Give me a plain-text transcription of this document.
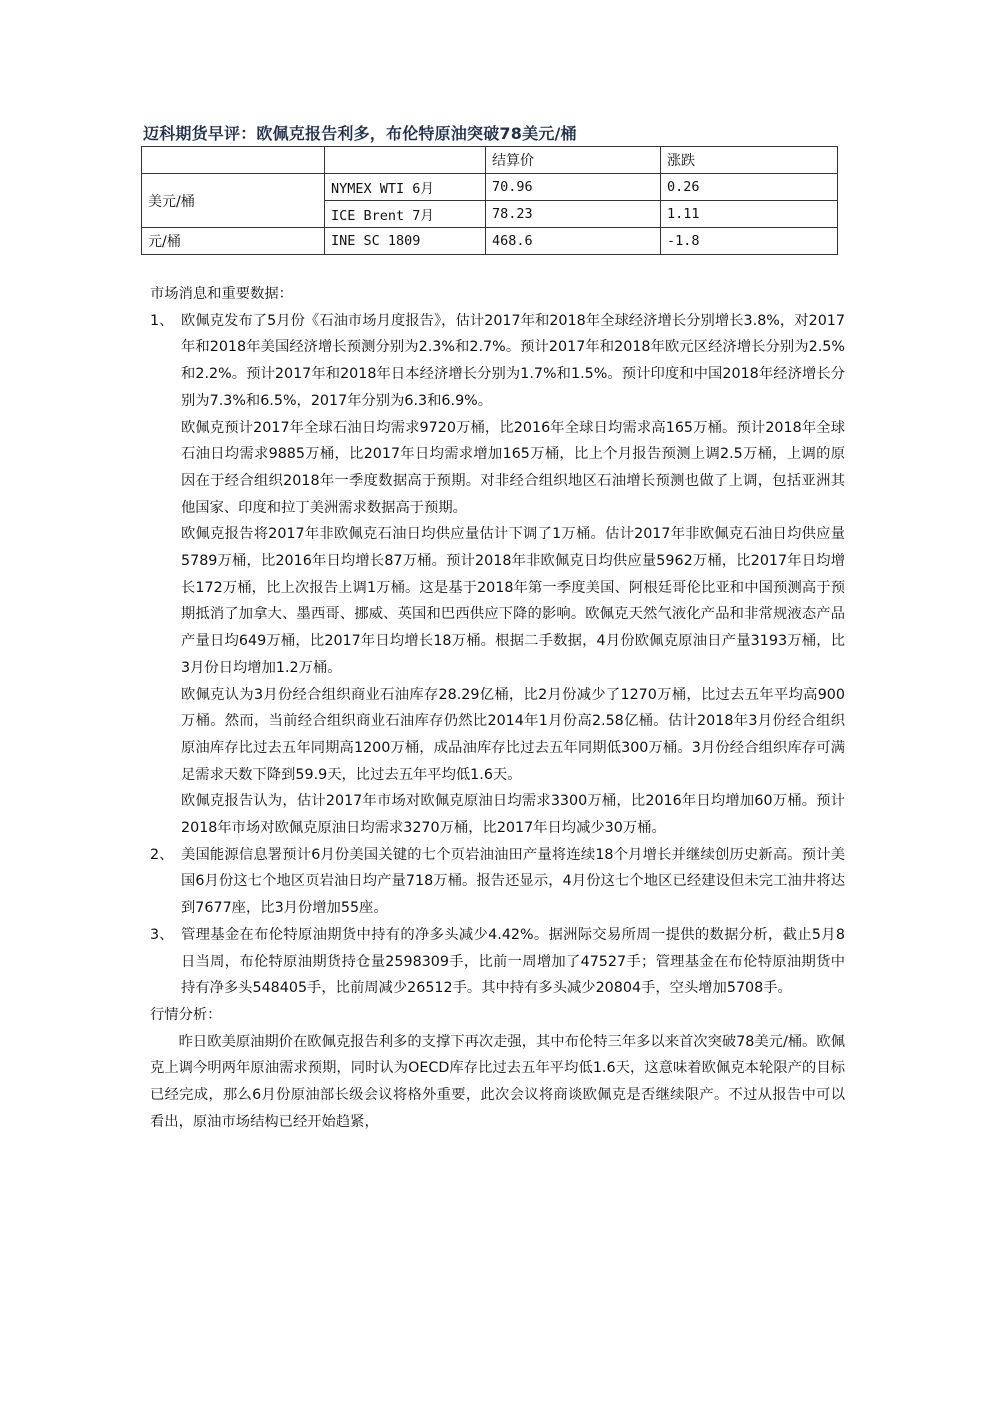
迈科期货早评：欧佩克报告利多，布伦特原油突破78美元/桶
		结算价	涨跌
美元/桶	NYMEX WTI 6月	70.96	0.26
	ICE Brent 7月	78.23	1.11
元/桶	INE SC 1809	468.6	-1.8

市场消息和重要数据：

1、 欧佩克发布了5月份《石油市场月度报告》，估计2017年和2018年全球经济增长分别增长3.8%，对2017年和2018年美国经济增长预测分别为2.3%和2.7%。预计2017年和2018年欧元区经济增长分别为2.5%和2.2%。预计2017年和2018年日本经济增长分别为1.7%和1.5%。预计印度和中国2018年经济增长分别为7.3%和6.5%，2017年分别为6.3和6.9%。

欧佩克预计2017年全球石油日均需求9720万桶，比2016年全球日均需求高165万桶。预计2018年全球石油日均需求9885万桶，比2017年日均需求增加165万桶，比上个月报告预测上调2.5万桶，上调的原因在于经合组织2018年一季度数据高于预期。对非经合组织地区石油增长预测也做了上调，包括亚洲其他国家、印度和拉丁美洲需求数据高于预期。

欧佩克报告将2017年非欧佩克石油日均供应量估计下调了1万桶。估计2017年非欧佩克石油日均供应量5789万桶，比2016年日均增长87万桶。预计2018年非欧佩克日均供应量5962万桶，比2017年日均增长172万桶，比上次报告上调1万桶。这是基于2018年第一季度美国、阿根廷哥伦比亚和中国预测高于预期抵消了加拿大、墨西哥、挪威、英国和巴西供应下降的影响。欧佩克天然气液化产品和非常规液态产品产量日均649万桶，比2017年日均增长18万桶。根据二手数据，4月份欧佩克原油日产量3193万桶，比3月份日均增加1.2万桶。

欧佩克认为3月份经合组织商业石油库存28.29亿桶，比2月份减少了1270万桶，比过去五年平均高900万桶。然而，当前经合组织商业石油库存仍然比2014年1月份高2.58亿桶。估计2018年3月份经合组织原油库存比过去五年同期高1200万桶，成品油库存比过去五年同期低300万桶。3月份经合组织库存可满足需求天数下降到59.9天，比过去五年平均低1.6天。

欧佩克报告认为，估计2017年市场对欧佩克原油日均需求3300万桶，比2016年日均增加60万桶。预计2018年市场对欧佩克原油日均需求3270万桶，比2017年日均减少30万桶。

2、 美国能源信息署预计6月份美国关键的七个页岩油油田产量将连续18个月增长并继续创历史新高。预计美国6月份这七个地区页岩油日均产量718万桶。报告还显示，4月份这七个地区已经建设但未完工油井将达到7677座，比3月份增加55座。

3、 管理基金在布伦特原油期货中持有的净多头减少4.42%。据洲际交易所周一提供的数据分析，截止5月8日当周，布伦特原油期货持仓量2598309手，比前一周增加了47527手；管理基金在布伦特原油期货中持有净多头548405手，比前周减少26512手。其中持有多头减少20804手，空头增加5708手。

行情分析：

昨日欧美原油期价在欧佩克报告利多的支撑下再次走强，其中布伦特三年多以来首次突破78美元/桶。欧佩克上调今明两年原油需求预期，同时认为OECD库存比过去五年平均低1.6天，这意味着欧佩克本轮限产的目标已经完成，那么6月份原油部长级会议将格外重要，此次会议将商谈欧佩克是否继续限产。不过从报告中可以看出，原油市场结构已经开始趋紧，
